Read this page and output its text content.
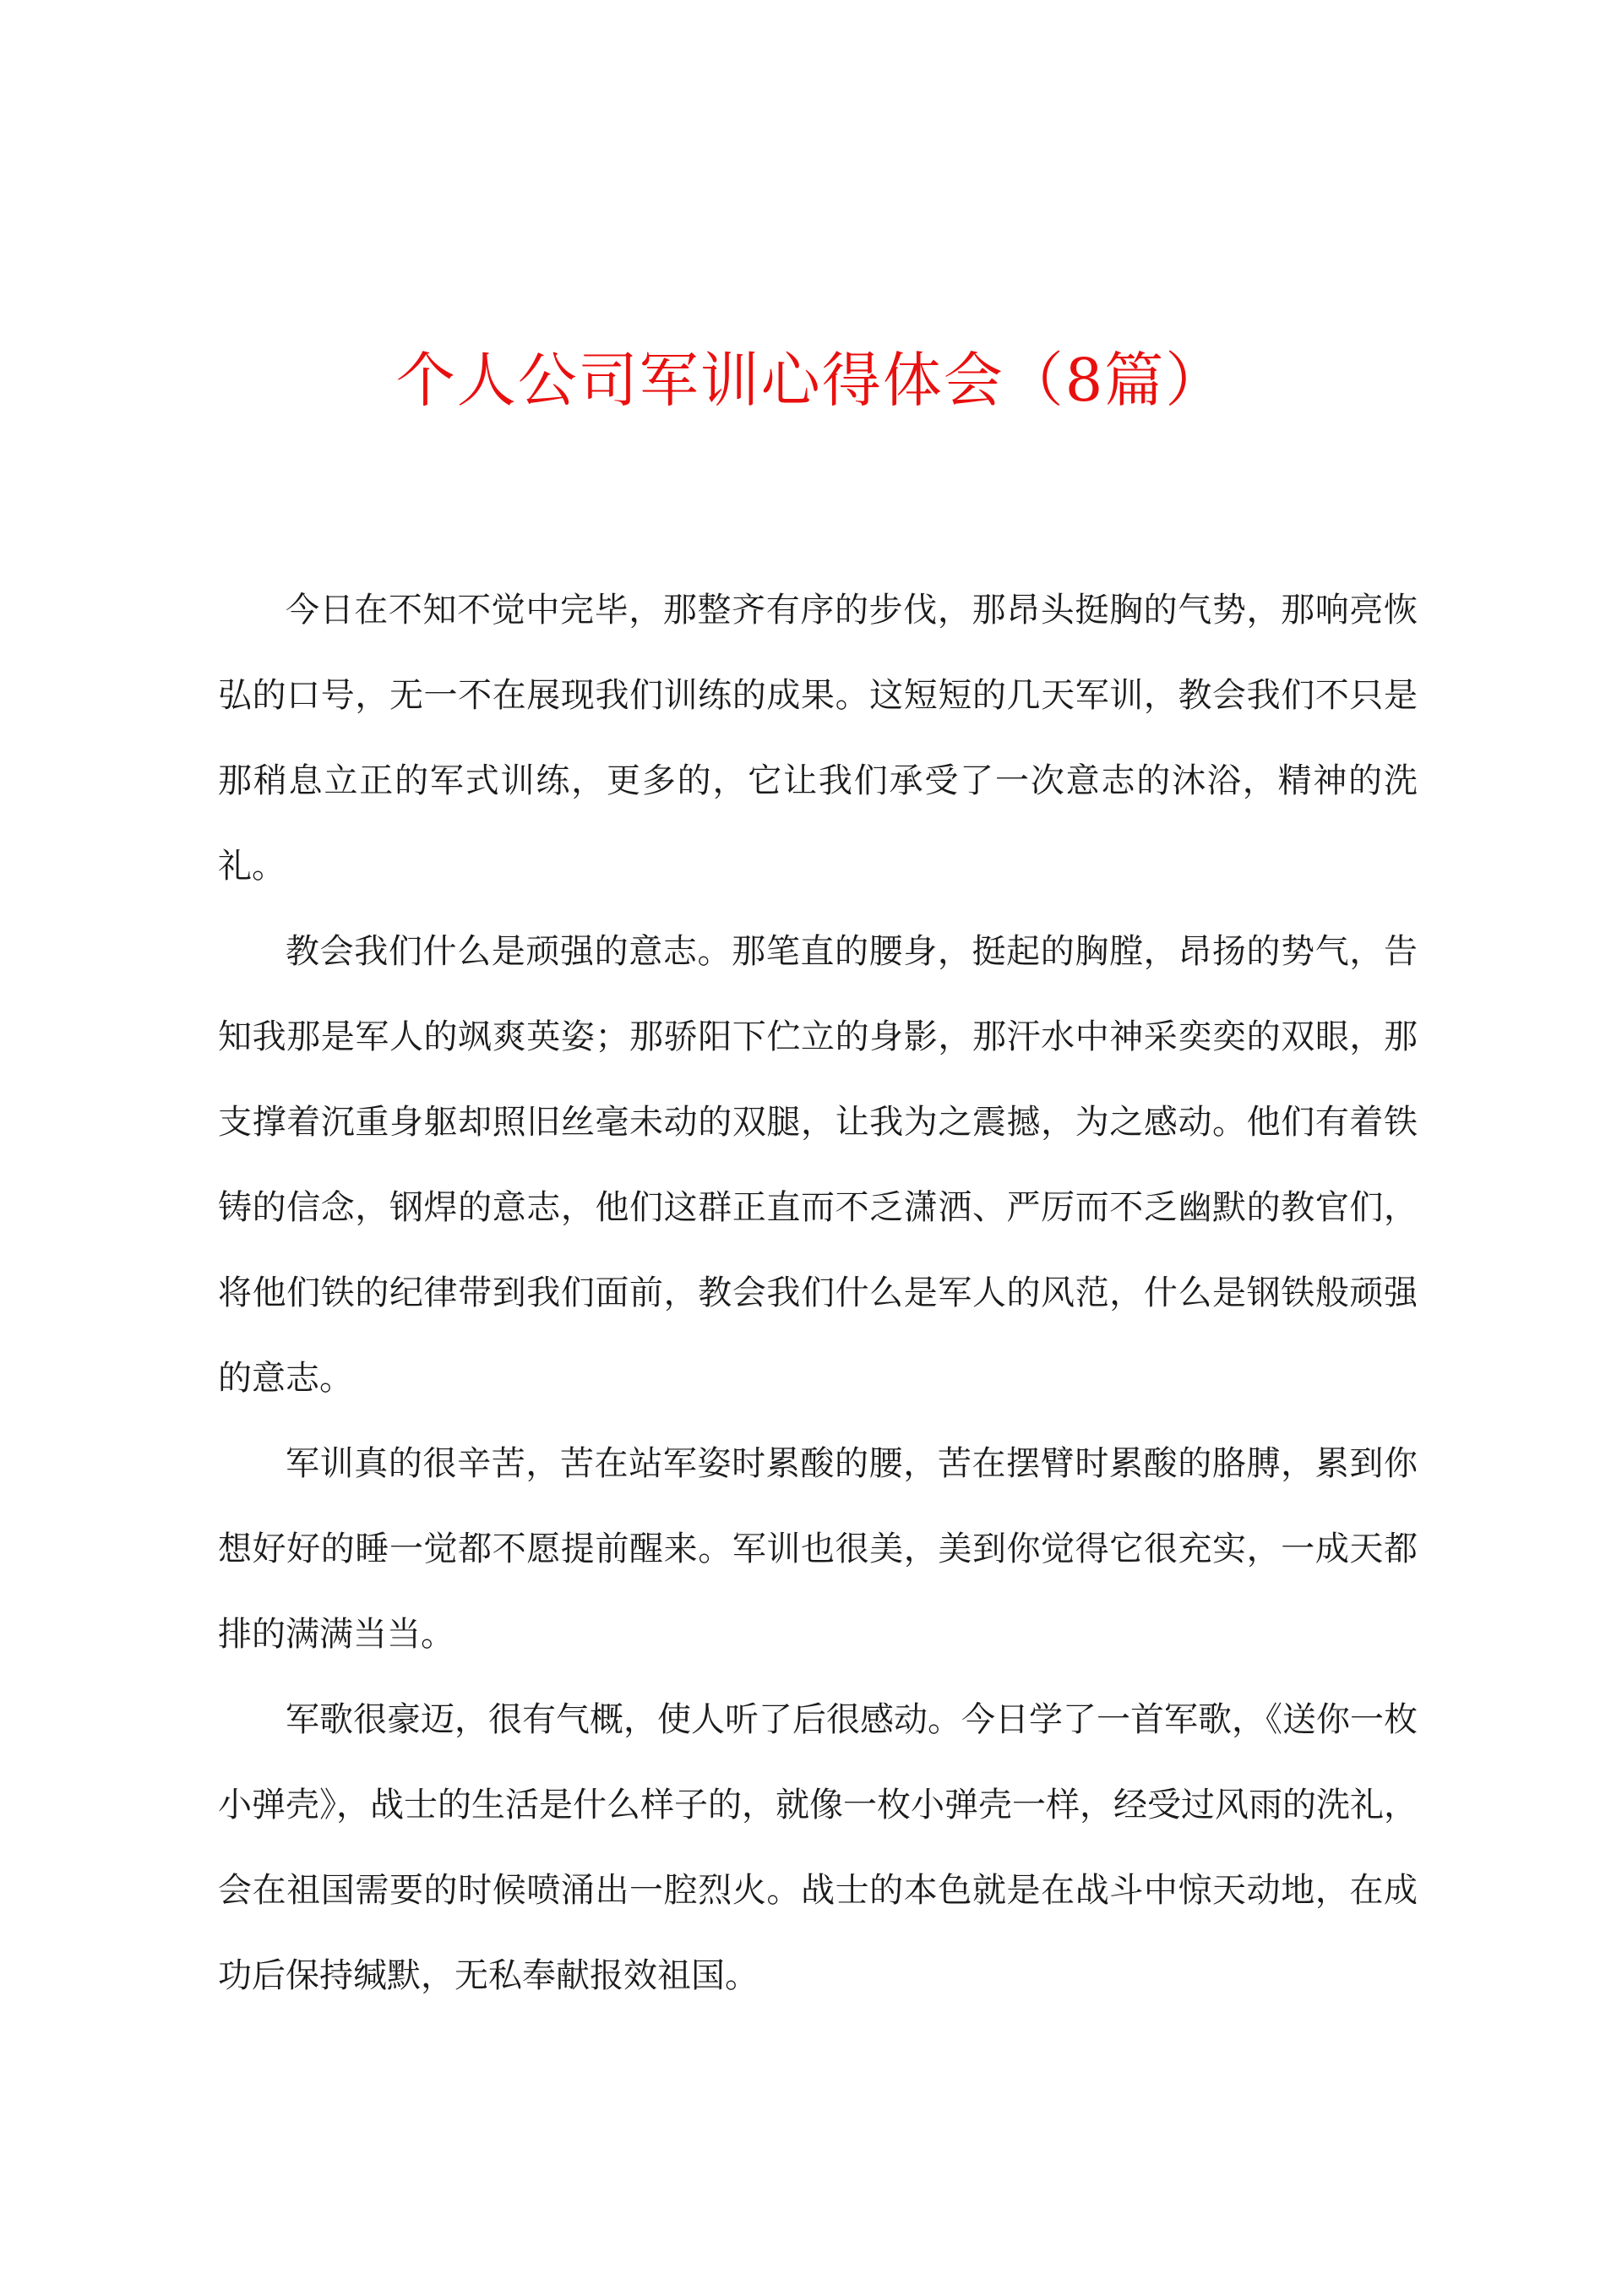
个人公司军训心得体会（8篇）

今日在不知不觉中完毕，那整齐有序的步伐，那昂头挺胸的气势，那响亮恢弘的口号，无一不在展现我们训练的成果。这短短的几天军训，教会我们不只是那稍息立正的军式训练，更多的，它让我们承受了一次意志的沐浴，精神的洗礼。

教会我们什么是顽强的意志。那笔直的腰身，挺起的胸膛，昂扬的势气，告知我那是军人的飒爽英姿；那骄阳下伫立的身影，那汗水中神采奕奕的双眼，那支撑着沉重身躯却照旧丝毫未动的双腿，让我为之震撼，为之感动。他们有着铁铸的信念，钢焊的意志，他们这群正直而不乏潇洒、严厉而不乏幽默的教官们，将他们铁的纪律带到我们面前，教会我们什么是军人的风范，什么是钢铁般顽强的意志。

军训真的很辛苦，苦在站军姿时累酸的腰，苦在摆臂时累酸的胳膊，累到你想好好的睡一觉都不愿提前醒来。军训也很美，美到你觉得它很充实，一成天都排的满满当当。

军歌很豪迈，很有气概，使人听了后很感动。今日学了一首军歌，《送你一枚小弹壳》，战士的生活是什么样子的，就像一枚小弹壳一样，经受过风雨的洗礼，会在祖国需要的时候喷涌出一腔烈火。战士的本色就是在战斗中惊天动地，在成功后保持缄默，无私奉献报效祖国。
